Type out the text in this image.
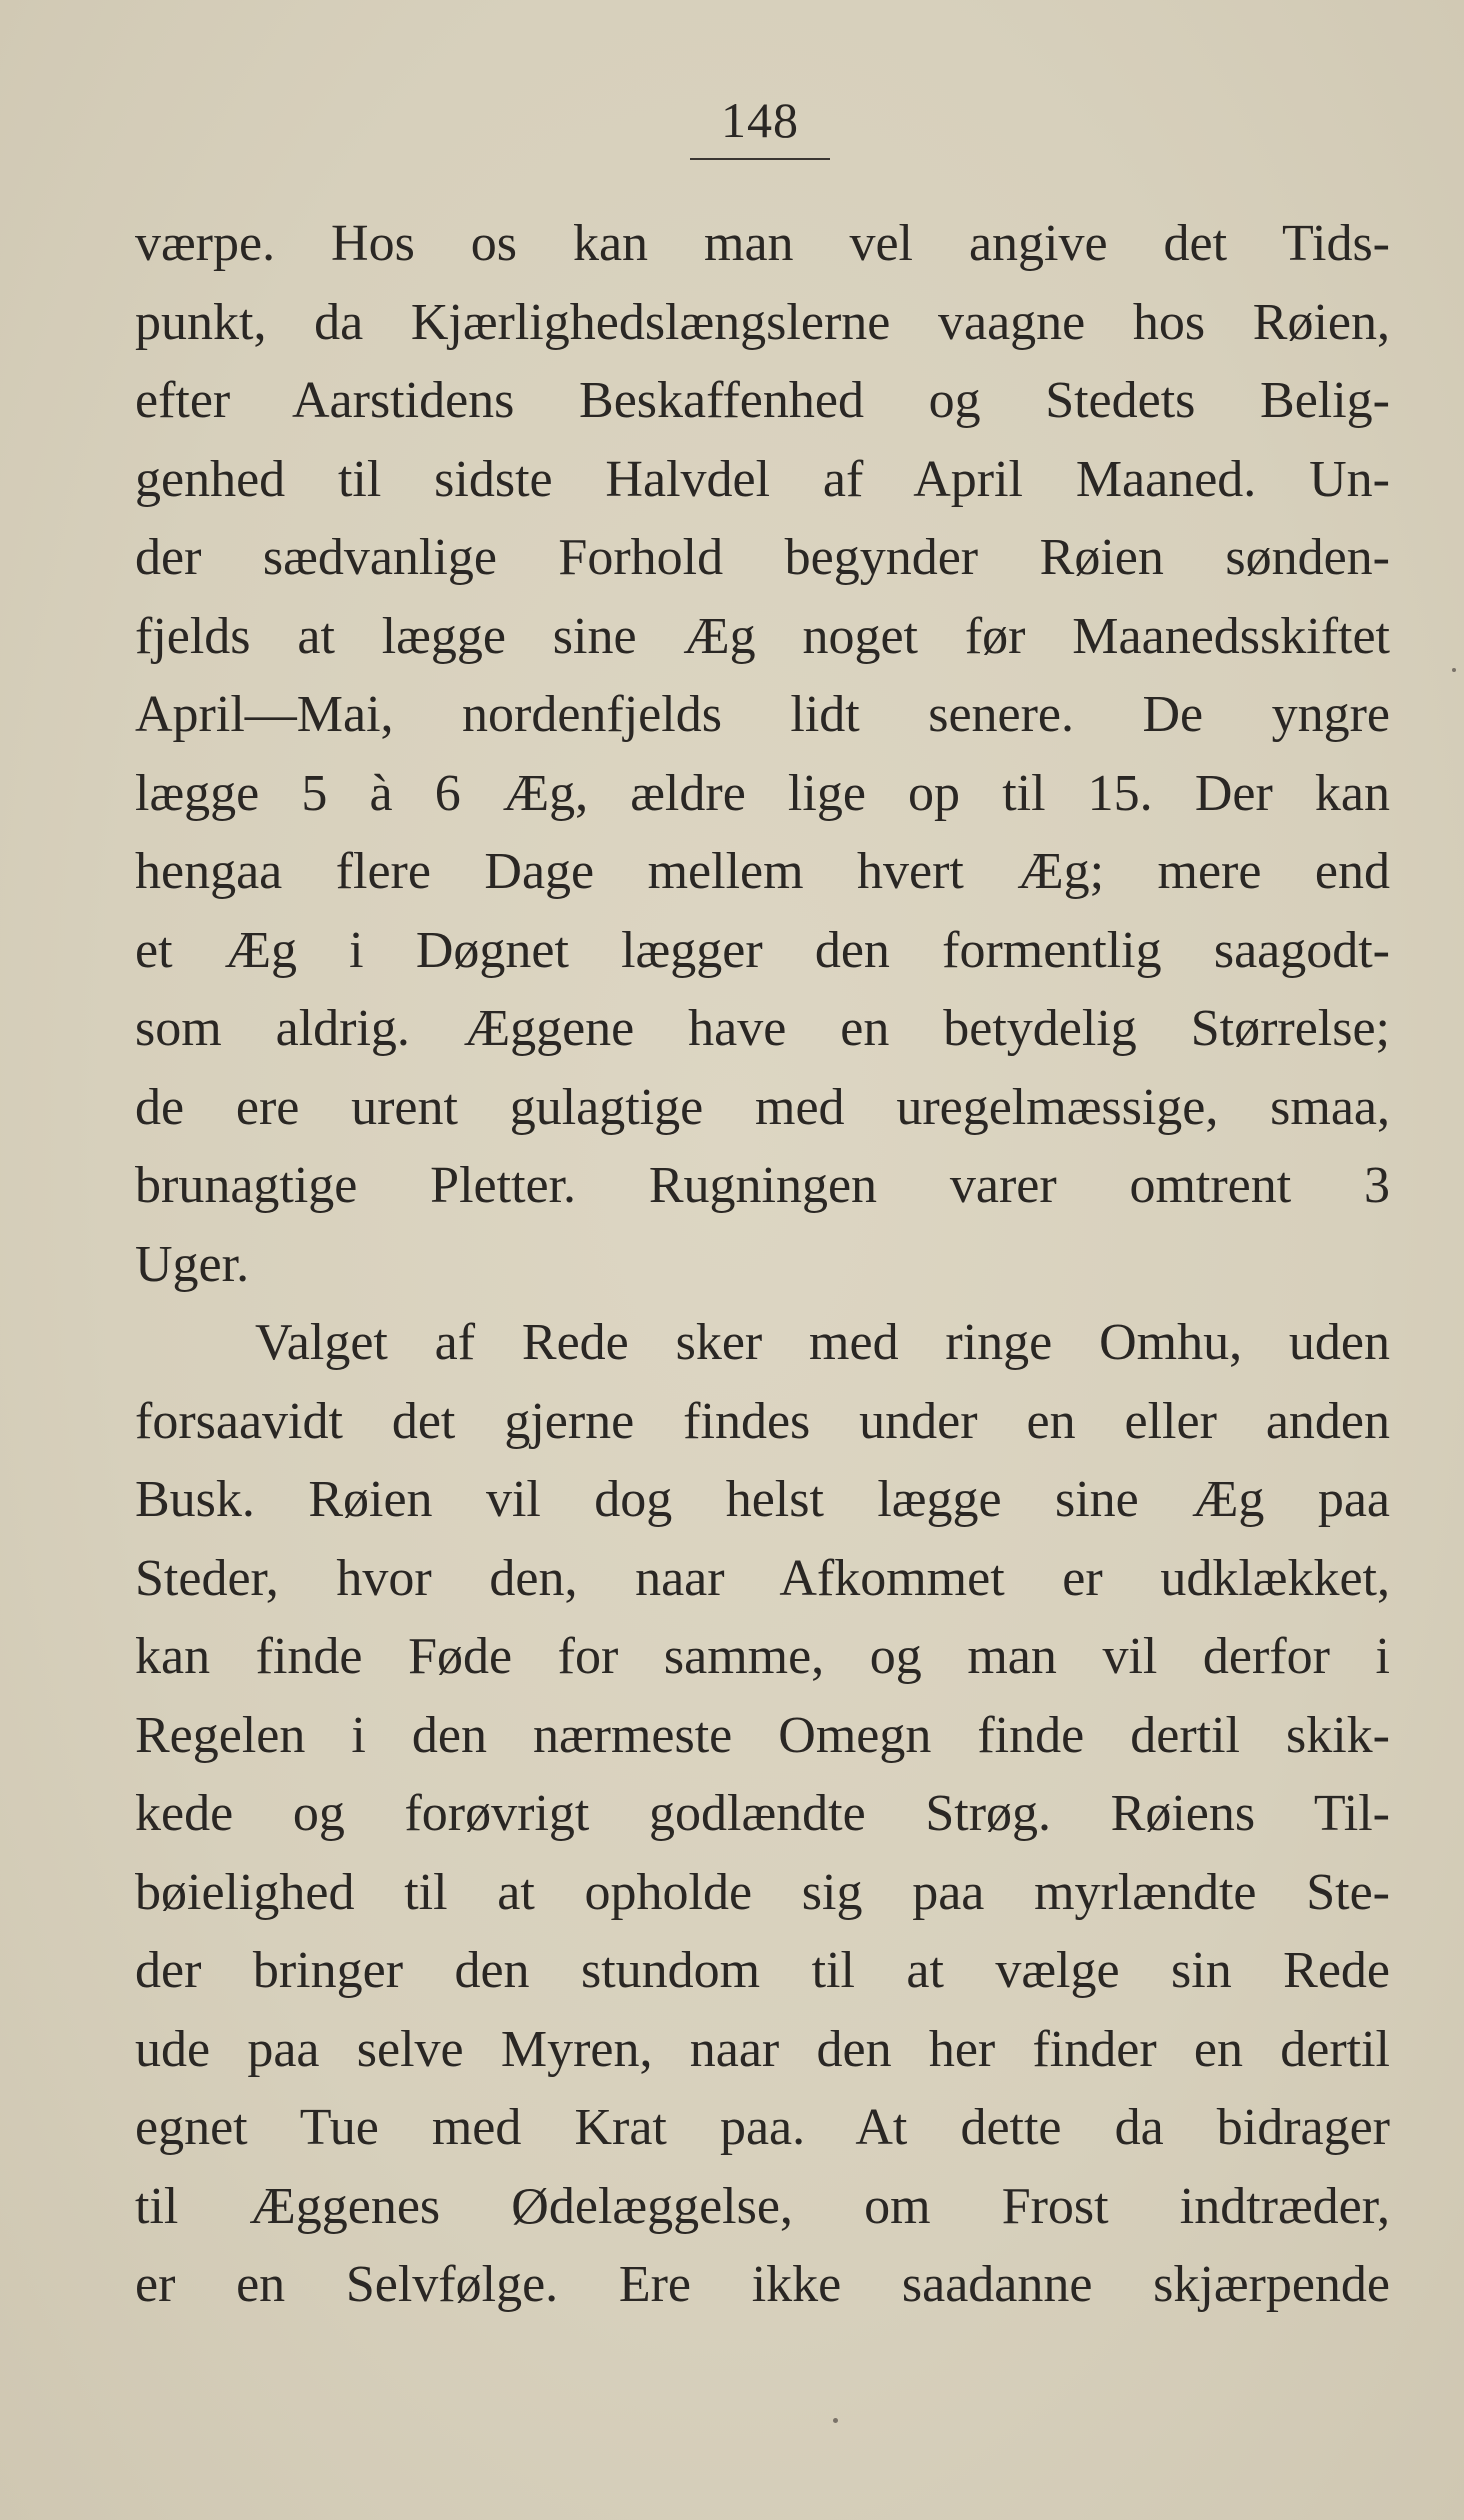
148
værpe. Hos os kan man vel angive det Tids-
punkt, da Kjærlighedslængslerne vaagne hos Røien,
efter Aarstidens Beskaffenhed og Stedets Belig-
genhed til sidste Halvdel af April Maaned. Un-
der sædvanlige Forhold begynder Røien sønden-
fjelds at lægge sine Æg noget før Maanedsskiftet
April—Mai, nordenfjelds lidt senere. De yngre
lægge 5 à 6 Æg, ældre lige op til 15. Der kan
hengaa flere Dage mellem hvert Æg; mere end
et Æg i Døgnet lægger den formentlig saagodt-
som aldrig. Æggene have en betydelig Størrelse;
de ere urent gulagtige med uregelmæssige, smaa,
brunagtige Pletter. Rugningen varer omtrent 3
Uger.
Valget af Rede sker med ringe Omhu, uden
forsaavidt det gjerne findes under en eller anden
Busk. Røien vil dog helst lægge sine Æg paa
Steder, hvor den, naar Afkommet er udklækket,
kan finde Føde for samme, og man vil derfor i
Regelen i den nærmeste Omegn finde dertil skik-
kede og forøvrigt godlændte Strøg. Røiens Til-
bøielighed til at opholde sig paa myrlændte Ste-
der bringer den stundom til at vælge sin Rede
ude paa selve Myren, naar den her finder en dertil
egnet Tue med Krat paa. At dette da bidrager
til Æggenes Ødelæggelse, om Frost indtræder,
er en Selvfølge. Ere ikke saadanne skjærpende
